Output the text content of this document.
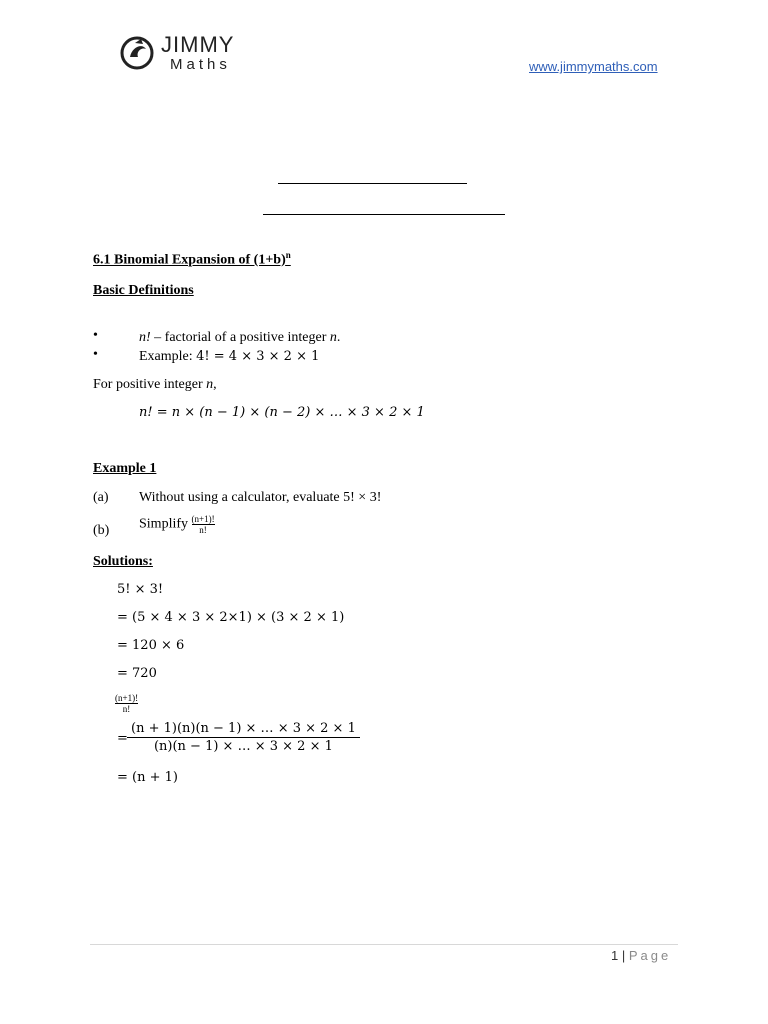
JIMMY
Maths	www.jimmymaths.com
6.1 Binomial Expansion of $(1+b)^n$
Basic Definitions
•	n! – factorial of a positive integer n.
•	Example: 4! = 4 × 3 × 2 × 1
For positive integer n,
n! = n × (n − 1) × (n − 2) × … × 3 × 2 × 1
Example 1
(a) Without using a calculator, evaluate 5! × 3!
(b) Simplify $\frac{(n+1)!}{n!}$
Solutions:
5! × 3!
= (5 × 4 × 3 × 2×1) × (3 × 2 × 1)
= 120 × 6
= 720
$\frac{(n+1)!}{n!}$
= $\frac{(n + 1)(n)(n - 1) \times \dots \times 3 \times 2 \times 1}{(n)(n - 1) \times \dots \times 3 \times 2 \times 1}$
= (n + 1)
1 | Page
